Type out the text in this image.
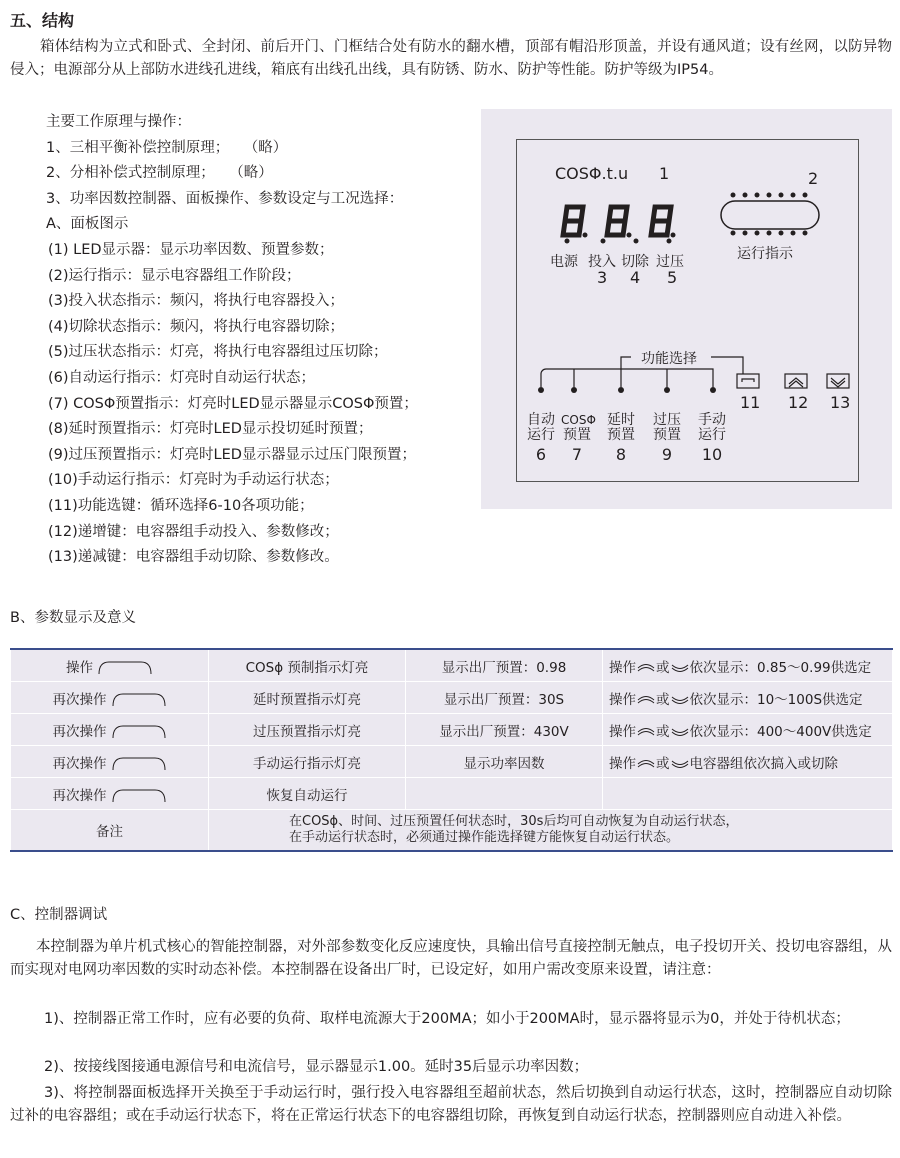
五、结构
箱体结构为立式和卧式、全封闭、前后开门、门框结合处有防水的翻水槽，顶部有帽沿形顶盖，并设有通风道；设有丝网，以防异物侵入；电源部分从上部防水进线孔进线，箱底有出线孔出线，具有防锈、防水、防护等性能。防护等级为IP54。
主要工作原理与操作：
1、三相平衡补偿控制原理；　　（略）
2、分相补偿式控制原理；　　（略）
3、功率因数控制器、面板操作、参数设定与工况选择：
A、面板图示
(1) LED显示器：显示功率因数、预置参数；
(2)运行指示：显示电容器组工作阶段；
(3)投入状态指示：频闪，将执行电容器投入；
(4)切除状态指示：频闪，将执行电容器切除；
(5)过压状态指示：灯亮，将执行电容器组过压切除；
(6)自动运行指示：灯亮时自动运行状态；
(7) COSΦ预置指示：灯亮时LED显示器显示COSΦ预置；
(8)延时预置指示：灯亮时LED显示投切延时预置；
(9)过压预置指示：灯亮时LED显示器显示过压门限预置；
(10)手动运行指示：灯亮时为手动运行状态；
(11)功能选键：循环选择6-10各项功能；
(12)递增键：电容器组手动投入、参数修改；
(13)递减键：电容器组手动切除、参数修改。
COSΦ.t.u 1	2
运行指示
电源 投入 切除 过压
3 4 5
功能选择
自动
运行
6
COSΦ
预置
7
延时
预置
8
过压
预置
9
手动
运行
10
11 12 13
B、参数显示及意义
操作	COSϕ 预制指示灯亮	显示出厂预置：0.98	操作 或 依次显示：0.85～0.99供选定
再次操作	延时预置指示灯亮	显示出厂预置：30S	操作 或 依次显示：10～100S供选定
再次操作	过压预置指示灯亮	显示出厂预置：430V	操作 或 依次显示：400～400V供选定
再次操作	手动运行指示灯亮	显示功率因数	操作 或 电容器组依次搞入或切除
再次操作	恢复自动运行		
备注	在COSϕ、时间、过压预置任何状态时，30s后均可自动恢复为自动运行状态，
在手动运行状态时，必须通过操作能选择键方能恢复自动运行状态。		
C、控制器调试
本控制器为单片机式核心的智能控制器，对外部参数变化反应速度快，具输出信号直接控制无触点，电子投切开关、投切电容器组，从而实现对电网功率因数的实时动态补偿。本控制器在设备出厂时，已设定好，如用户需改变原来设置，请注意：
1)、控制器正常工作时，应有必要的负荷、取样电流源大于200MA；如小于200MA时，显示器将显示为0，并处于待机状态；
2)、按接线图接通电源信号和电流信号，显示器显示1.00。延时35后显示功率因数；
3)、将控制器面板选择开关换至于手动运行时，强行投入电容器组至超前状态，然后切换到自动运行状态，这时，控制器应自动切除过补的电容器组；或在手动运行状态下，将在正常运行状态下的电容器组切除，再恢复到自动运行状态，控制器则应自动进入补偿。
